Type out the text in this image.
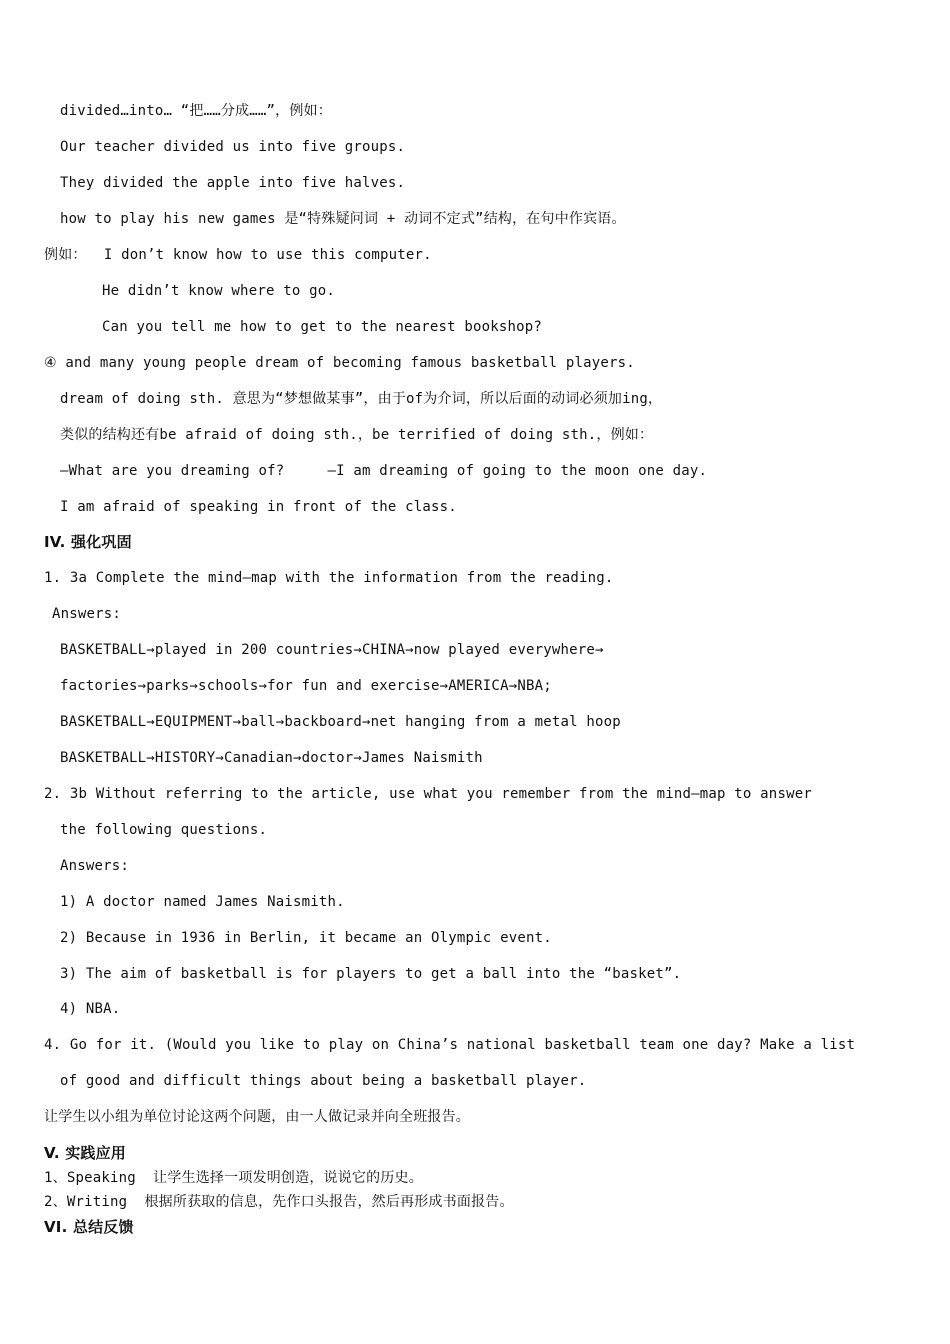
divided…into… “把……分成……”，例如：
Our teacher divided us into five groups.
They divided the apple into five halves.
how to play his new games 是“特殊疑问词 + 动词不定式”结构，在句中作宾语。
例如：  I don’t know how to use this computer.
He didn’t know where to go.
Can you tell me how to get to the nearest bookshop?
④ and many young people dream of becoming famous basketball players.
dream of doing sth. 意思为“梦想做某事”，由于of为介词，所以后面的动词必须加ing，
类似的结构还有be afraid of doing sth.，be terrified of doing sth.，例如：
—What are you dreaming of?     —I am dreaming of going to the moon one day.
I am afraid of speaking in front of the class.
IV. 强化巩固
1. 3a Complete the mind—map with the information from the reading.
Answers:
BASKETBALL→played in 200 countries→CHINA→now played everywhere→
factories→parks→schools→for fun and exercise→AMERICA→NBA;
BASKETBALL→EQUIPMENT→ball→backboard→net hanging from a metal hoop
BASKETBALL→HISTORY→Canadian→doctor→James Naismith
2. 3b Without referring to the article, use what you remember from the mind—map to answer
the following questions.
Answers:
1) A doctor named James Naismith.
2) Because in 1936 in Berlin, it became an Olympic event.
3) The aim of basketball is for players to get a ball into the “basket”.
4) NBA.
4. Go for it. (Would you like to play on China’s national basketball team one day? Make a list
of good and difficult things about being a basketball player.
让学生以小组为单位讨论这两个问题，由一人做记录并向全班报告。
V. 实践应用
1、Speaking  让学生选择一项发明创造，说说它的历史。
2、Writing  根据所获取的信息，先作口头报告，然后再形成书面报告。
VI. 总结反馈
